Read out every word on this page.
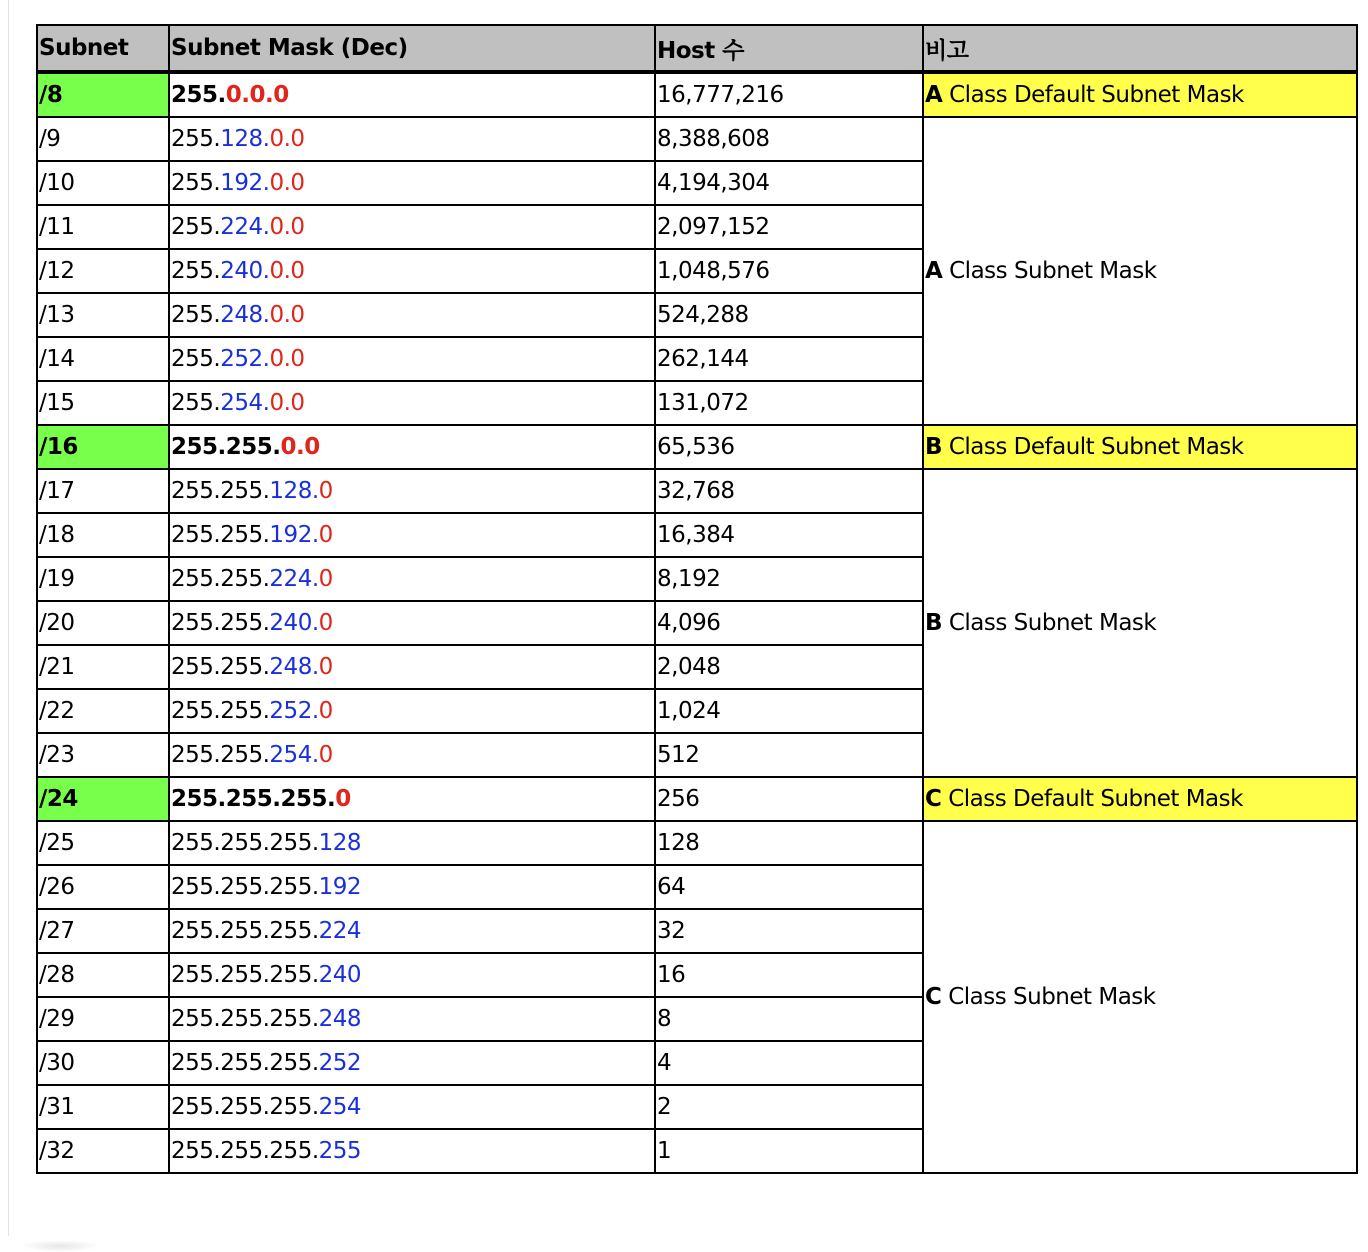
Subnet	Subnet Mask (Dec)	Host 수	비고
/8	255.0.0.0	16,777,216	A Class Default Subnet Mask
/9	255.128.0.0	8,388,608	A Class Subnet Mask
/10	255.192.0.0	4,194,304	
/11	255.224.0.0	2,097,152	
/12	255.240.0.0	1,048,576	
/13	255.248.0.0	524,288	
/14	255.252.0.0	262,144	
/15	255.254.0.0	131,072	
/16	255.255.0.0	65,536	B Class Default Subnet Mask
/17	255.255.128.0	32,768	B Class Subnet Mask
/18	255.255.192.0	16,384	
/19	255.255.224.0	8,192	
/20	255.255.240.0	4,096	
/21	255.255.248.0	2,048	
/22	255.255.252.0	1,024	
/23	255.255.254.0	512	
/24	255.255.255.0	256	C Class Default Subnet Mask
/25	255.255.255.128	128	C Class Subnet Mask
/26	255.255.255.192	64	
/27	255.255.255.224	32	
/28	255.255.255.240	16	
/29	255.255.255.248	8	
/30	255.255.255.252	4	
/31	255.255.255.254	2	
/32	255.255.255.255	1	
